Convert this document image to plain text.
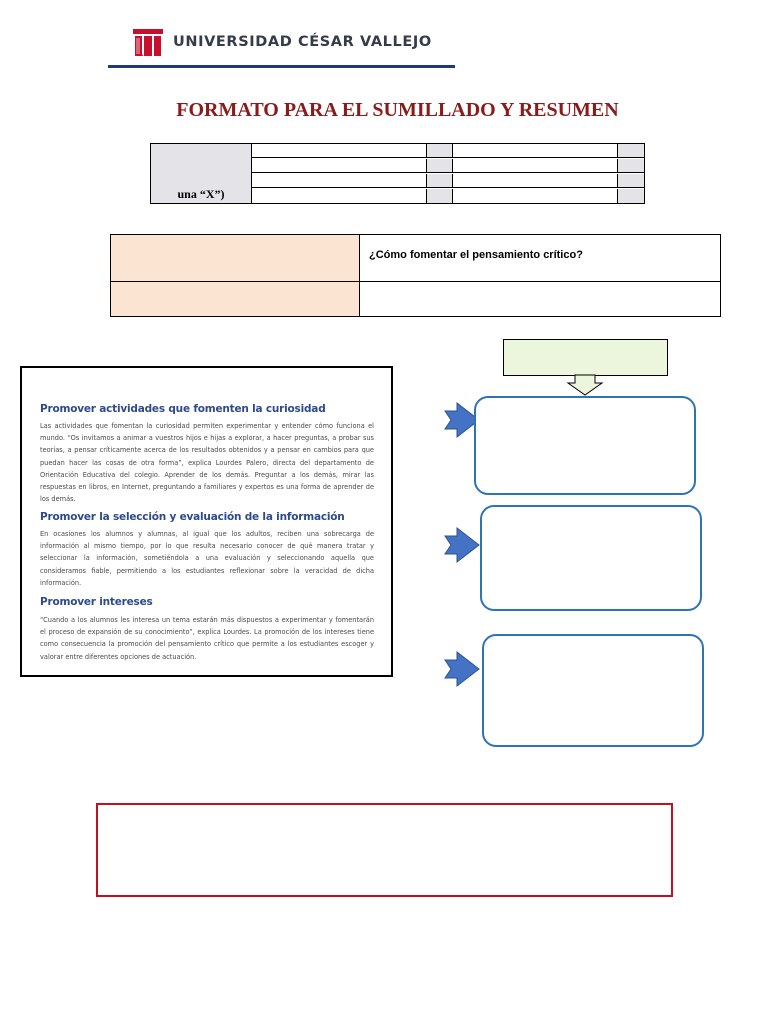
UNIVERSIDAD CÉSAR VALLEJO
FORMATO PARA EL SUMILLADO Y RESUMEN
una “X”)
¿Cómo fomentar el pensamiento crítico?
Promover actividades que fomenten la curiosidad
Las actividades que fomentan la curiosidad permiten experimentar y entender cómo funciona el mundo. “Os invitamos a animar a vuestros hijos e hijas a explorar, a hacer preguntas, a probar sus teorías, a pensar críticamente acerca de los resultados obtenidos y a pensar en cambios para que puedan hacer las cosas de otra forma”, explica Lourdes Palero, directa del departamento de Orientación Educativa del colegio. Aprender de los demás. Preguntar a los demás, mirar las respuestas en libros, en Internet, preguntando a familiares y expertos es una forma de aprender de los demás.
Promover la selección y evaluación de la información
En ocasiones los alumnos y alumnas, al igual que los adultos, reciben una sobrecarga de información al mismo tiempo, por lo que resulta necesario conocer de qué manera tratar y seleccionar la información, sometiéndola a una evaluación y seleccionando aquella que consideramos fiable, permitiendo a los estudiantes reflexionar sobre la veracidad de dicha información.
Promover intereses
“Cuando a los alumnos les interesa un tema estarán más dispuestos a experimentar y fomentarán el proceso de expansión de su conocimiento”, explica Lourdes. La promoción de los intereses tiene como consecuencia la promoción del pensamiento crítico que permite a los estudiantes escoger y valorar entre diferentes opciones de actuación.
